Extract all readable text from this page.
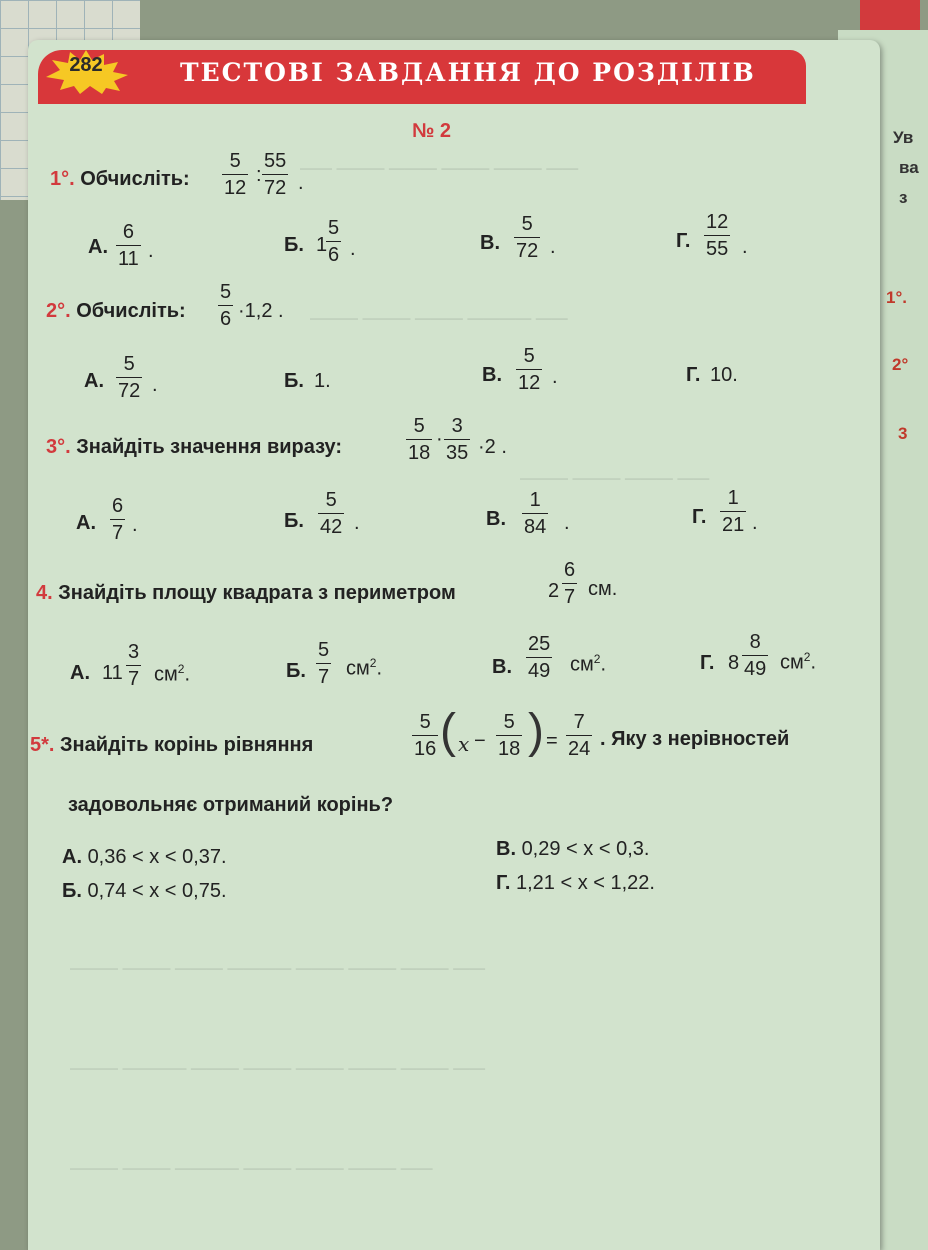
Ув
ва
з
1°.
2°
3
—— ——— ——— ——— ——— ——
——— ——— ——— ———— ——
——— ——— ——— ——
——— ——— ——— ———— ——— ——— ——— ——
——— ———— ——— ——— ——— ——— ——— ——
——— ——— ———— ——— ——— ——— ——
282	ТЕСТОВІ ЗАВДАННЯ ДО РОЗДІЛІВ
№ 2
1°. Обчисліть: $\frac{5}{12}$ : $\frac{55}{72}$ .
А. $\frac{6}{11}$ .	Б. 1
$\frac{5}{6}$ .	В. $\frac{5}{72}$ .	Г. $\frac{12}{55}$ .
2°. Обчисліть: $\frac{5}{6} \cdot 1,2$ .
А. $\frac{5}{72}$ .	Б. 1.	В. $\frac{5}{12}$ .	Г. 10.
3°. Знайдіть значення виразу:	$\frac{5}{18} \cdot \frac{3}{35} \cdot 2$ .
А. $\frac{6}{7}$ .	Б. $\frac{5}{42}$ .	В. $\frac{1}{84}$ .	Г. $\frac{1}{21}$ .
4. Знайдіть площу квадрата з периметром	$2 \frac{6}{7}$ см.
А. $11 \frac{3}{7} см^2$.	Б. $\frac{5}{7} см^2$.	В. $\frac{25}{49} см^2$.	Г. $8 \frac{8}{49} см^2$.
5*. Знайдіть корінь рівняння	$\frac{5}{16}$ ( $x - \frac{5}{18}$ ) = $\frac{7}{24}$ . Яку з нерівностей
задовольняє отриманий корінь?
А. 0,36 < x < 0,37.
Б. 0,74 < x < 0,75.
В. 0,29 < x < 0,3.
Г. 1,21 < x < 1,22.
